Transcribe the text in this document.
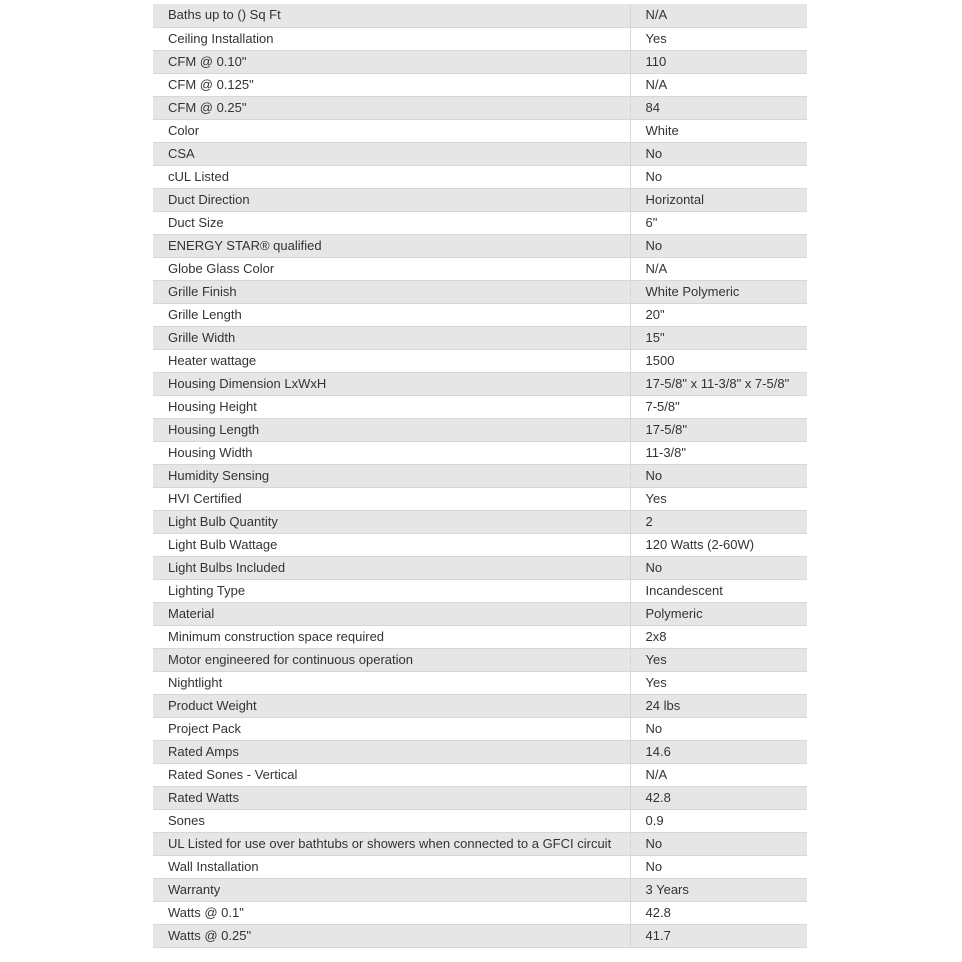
Baths up to () Sq Ft	N/A
Ceiling Installation	Yes
CFM @ 0.10"	110
CFM @ 0.125"	N/A
CFM @ 0.25"	84
Color	White
CSA	No
cUL Listed	No
Duct Direction	Horizontal
Duct Size	6"
ENERGY STAR® qualified	No
Globe Glass Color	N/A
Grille Finish	White Polymeric
Grille Length	20"
Grille Width	15"
Heater wattage	1500
Housing Dimension LxWxH	17-5/8" x 11-3/8" x 7-5/8"
Housing Height	7-5/8"
Housing Length	17-5/8"
Housing Width	11-3/8"
Humidity Sensing	No
HVI Certified	Yes
Light Bulb Quantity	2
Light Bulb Wattage	120 Watts (2-60W)
Light Bulbs Included	No
Lighting Type	Incandescent
Material	Polymeric
Minimum construction space required	2x8
Motor engineered for continuous operation	Yes
Nightlight	Yes
Product Weight	24 lbs
Project Pack	No
Rated Amps	14.6
Rated Sones - Vertical	N/A
Rated Watts	42.8
Sones	0.9
UL Listed for use over bathtubs or showers when connected to a GFCI circuit	No
Wall Installation	No
Warranty	3 Years
Watts @ 0.1"	42.8
Watts @ 0.25"	41.7
